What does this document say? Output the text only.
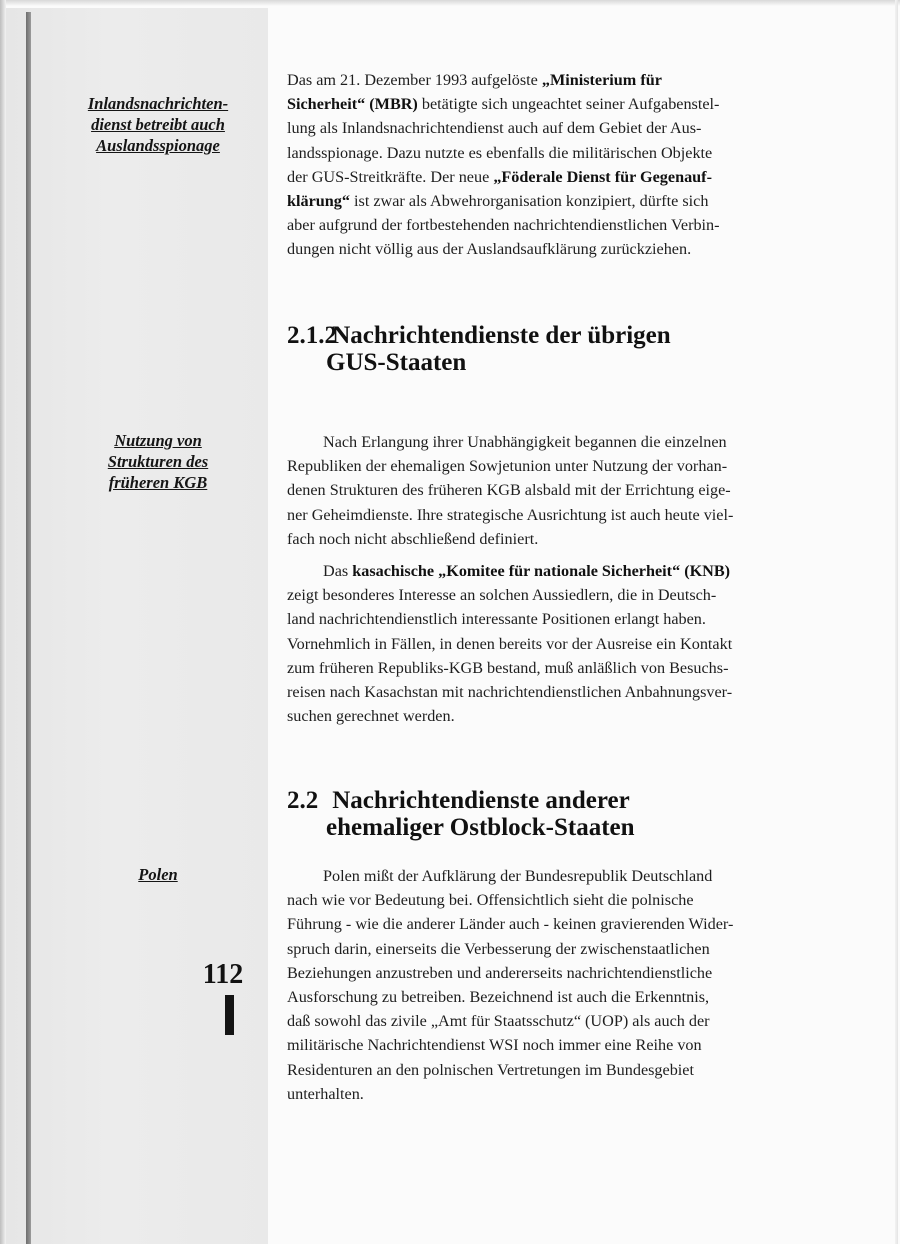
Inlandsnachrichten-
dienst betreibt auch
Auslandsspionage
Nutzung von
Strukturen des
früheren KGB
Polen
112
Das am 21. Dezember 1993 aufgelöste „Ministerium für
Sicherheit“ (MBR) betätigte sich ungeachtet seiner Aufgabenstel-
lung als Inlandsnachrichtendienst auch auf dem Gebiet der Aus-
landsspionage. Dazu nutzte es ebenfalls die militärischen Objekte
der GUS-Streitkräfte. Der neue „Föderale Dienst für Gegenauf-
klärung“ ist zwar als Abwehrorganisation konzipiert, dürfte sich
aber aufgrund der fortbestehenden nachrichtendienstlichen Verbin-
dungen nicht völlig aus der Auslandsaufklärung zurückziehen.
2.1.2 Nachrichtendienste der übrigen
GUS-Staaten
Nach Erlangung ihrer Unabhängigkeit begannen die einzelnen
Republiken der ehemaligen Sowjetunion unter Nutzung der vorhan-
denen Strukturen des früheren KGB alsbald mit der Errichtung eige-
ner Geheimdienste. Ihre strategische Ausrichtung ist auch heute viel-
fach noch nicht abschließend definiert.
Das kasachische „Komitee für nationale Sicherheit“ (KNB)
zeigt besonderes Interesse an solchen Aussiedlern, die in Deutsch-
land nachrichtendienstlich interessante Positionen erlangt haben.
Vornehmlich in Fällen, in denen bereits vor der Ausreise ein Kontakt
zum früheren Republiks-KGB bestand, muß anläßlich von Besuchs-
reisen nach Kasachstan mit nachrichtendienstlichen Anbahnungsver-
suchen gerechnet werden.
2.2 Nachrichtendienste anderer
ehemaliger Ostblock-Staaten
Polen mißt der Aufklärung der Bundesrepublik Deutschland
nach wie vor Bedeutung bei. Offensichtlich sieht die polnische
Führung - wie die anderer Länder auch - keinen gravierenden Wider-
spruch darin, einerseits die Verbesserung der zwischenstaatlichen
Beziehungen anzustreben und andererseits nachrichtendienstliche
Ausforschung zu betreiben. Bezeichnend ist auch die Erkenntnis,
daß sowohl das zivile „Amt für Staatsschutz“ (UOP) als auch der
militärische Nachrichtendienst WSI noch immer eine Reihe von
Residenturen an den polnischen Vertretungen im Bundesgebiet
unterhalten.
